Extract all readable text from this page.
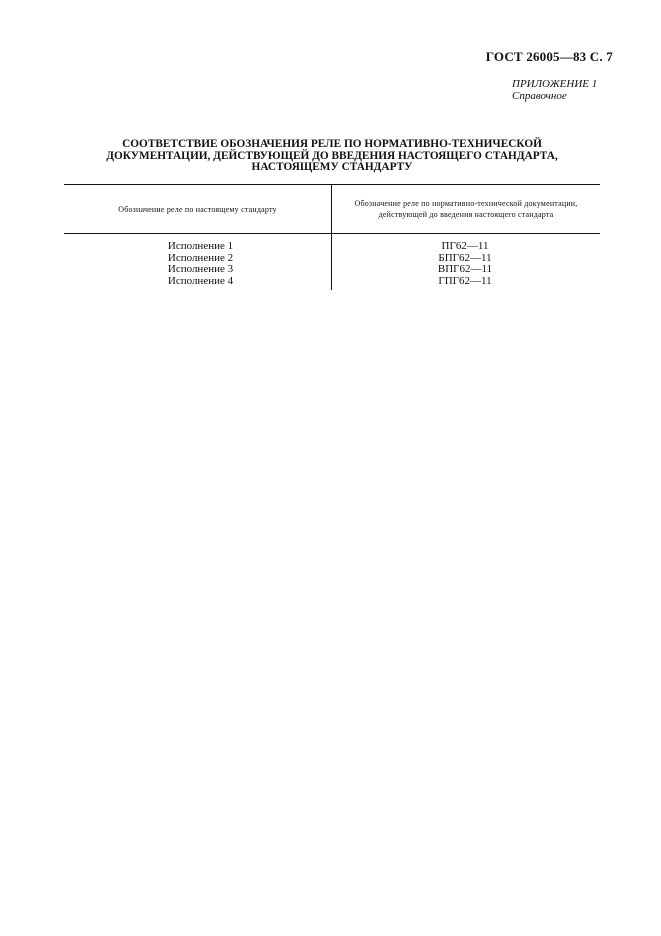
ГОСТ 26005—83 С. 7
ПРИЛОЖЕНИЕ 1
Справочное
СООТВЕТСТВИЕ ОБОЗНАЧЕНИЯ РЕЛЕ ПО НОРМАТИВНО-ТЕХНИЧЕСКОЙ
ДОКУМЕНТАЦИИ, ДЕЙСТВУЮЩЕЙ ДО ВВЕДЕНИЯ НАСТОЯЩЕГО СТАНДАРТА,
НАСТОЯЩЕМУ СТАНДАРТУ
Обозначение реле по настоящему стандарту
Обозначение реле по нормативно-технической документации, действующей до введения настоящего стандарта
Исполнение 1
Исполнение 2
Исполнение 3
Исполнение 4
ПГ62—11
БПГ62—11
ВПГ62—11
ГПГ62—11
